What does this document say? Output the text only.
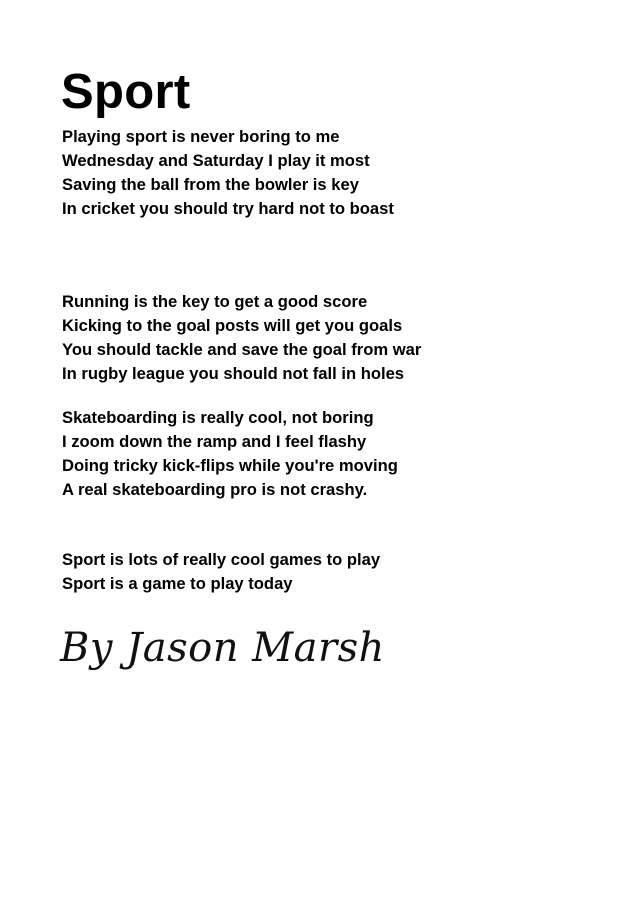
Sport
Playing sport is never boring to me
Wednesday and Saturday I play it most
Saving the ball from the bowler is key
In cricket you should try hard not to boast
Running is the key to get a good score
Kicking to the goal posts will get you goals
You should tackle and save the goal from war
In rugby league you should not fall in holes
Skateboarding is really cool, not boring
I zoom down the ramp and I feel flashy
Doing tricky kick-flips while you're moving
A real skateboarding pro is not crashy.
Sport is lots of really cool games to play
Sport is a game to play today

By Jason Marsh
